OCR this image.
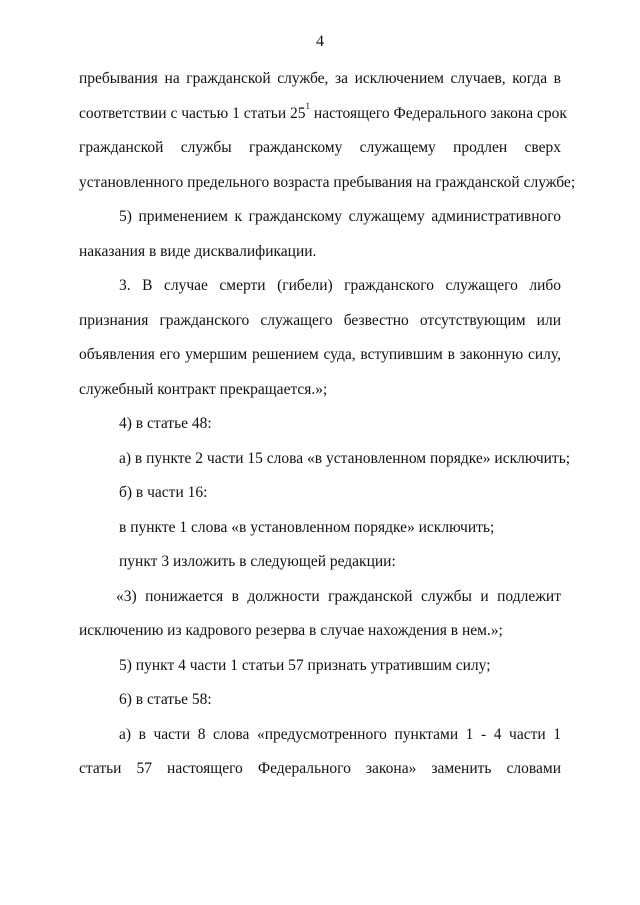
4
пребывания на гражданской службе, за исключением случаев, когда в
соответствии с частью 1 статьи $25^1$ настоящего Федерального закона срок
гражданской службы гражданскому служащему продлен сверх
установленного предельного возраста пребывания на гражданской службе;
5) применением к гражданскому служащему административного
наказания в виде дисквалификации.
3. В случае смерти (гибели) гражданского служащего либо
признания гражданского служащего безвестно отсутствующим или
объявления его умершим решением суда, вступившим в законную силу,
служебный контракт прекращается.»;
4) в статье 48:
а) в пункте 2 части 15 слова «в установленном порядке» исключить;
б) в части 16:
в пункте 1 слова «в установленном порядке» исключить;
пункт 3 изложить в следующей редакции:
«3) понижается в должности гражданской службы и подлежит
исключению из кадрового резерва в случае нахождения в нем.»;
5) пункт 4 части 1 статьи 57 признать утратившим силу;
6) в статье 58:
а) в части 8 слова «предусмотренного пунктами 1 - 4 части 1
статьи 57 настоящего Федерального закона» заменить словами
